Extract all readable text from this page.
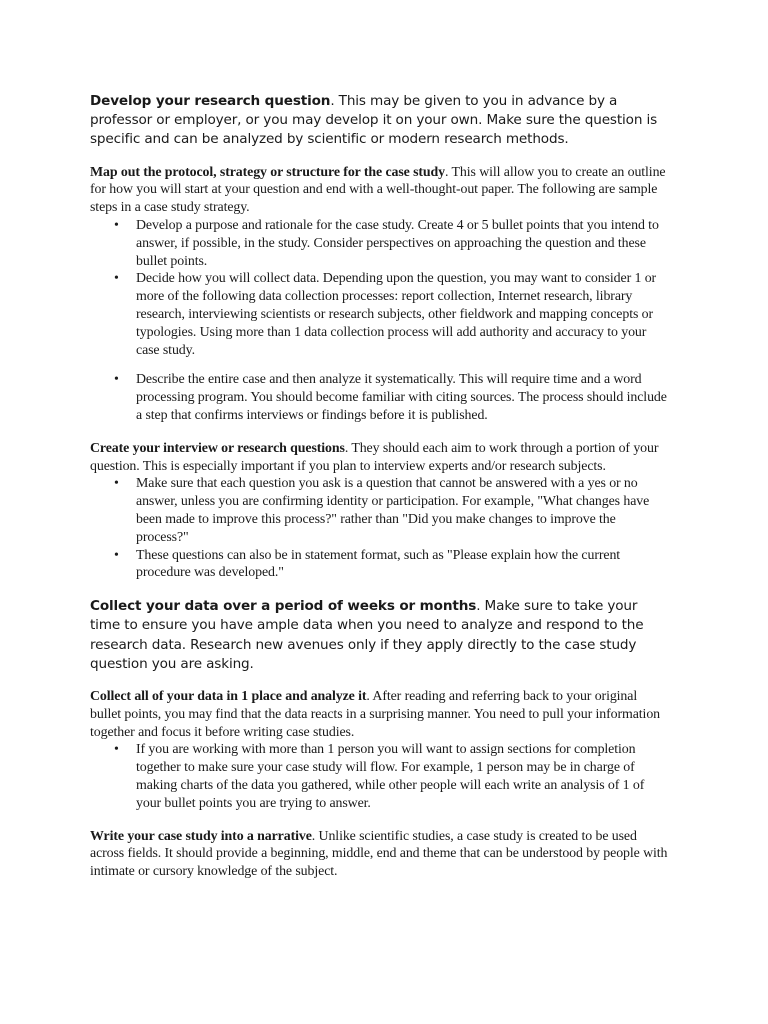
Develop your research question. This may be given to you in advance by a professor or employer, or you may develop it on your own. Make sure the question is specific and can be analyzed by scientific or modern research methods.

Map out the protocol, strategy or structure for the case study. This will allow you to create an outline for how you will start at your question and end with a well-thought-out paper. The following are sample steps in a case study strategy.

• Develop a purpose and rationale for the case study. Create 4 or 5 bullet points that you intend to answer, if possible, in the study. Consider perspectives on approaching the question and these bullet points.
• Decide how you will collect data. Depending upon the question, you may want to consider 1 or more of the following data collection processes: report collection, Internet research, library research, interviewing scientists or research subjects, other fieldwork and mapping concepts or typologies. Using more than 1 data collection process will add authority and accuracy to your case study.
• Describe the entire case and then analyze it systematically. This will require time and a word processing program. You should become familiar with citing sources. The process should include a step that confirms interviews or findings before it is published.

Create your interview or research questions. They should each aim to work through a portion of your question. This is especially important if you plan to interview experts and/or research subjects.

• Make sure that each question you ask is a question that cannot be answered with a yes or no answer, unless you are confirming identity or participation. For example, "What changes have been made to improve this process?" rather than "Did you make changes to improve the process?"
• These questions can also be in statement format, such as "Please explain how the current procedure was developed."

Collect your data over a period of weeks or months. Make sure to take your time to ensure you have ample data when you need to analyze and respond to the research data. Research new avenues only if they apply directly to the case study question you are asking.

Collect all of your data in 1 place and analyze it. After reading and referring back to your original bullet points, you may find that the data reacts in a surprising manner. You need to pull your information together and focus it before writing case studies.

• If you are working with more than 1 person you will want to assign sections for completion together to make sure your case study will flow. For example, 1 person may be in charge of making charts of the data you gathered, while other people will each write an analysis of 1 of your bullet points you are trying to answer.

Write your case study into a narrative. Unlike scientific studies, a case study is created to be used across fields. It should provide a beginning, middle, end and theme that can be understood by people with intimate or cursory knowledge of the subject.
